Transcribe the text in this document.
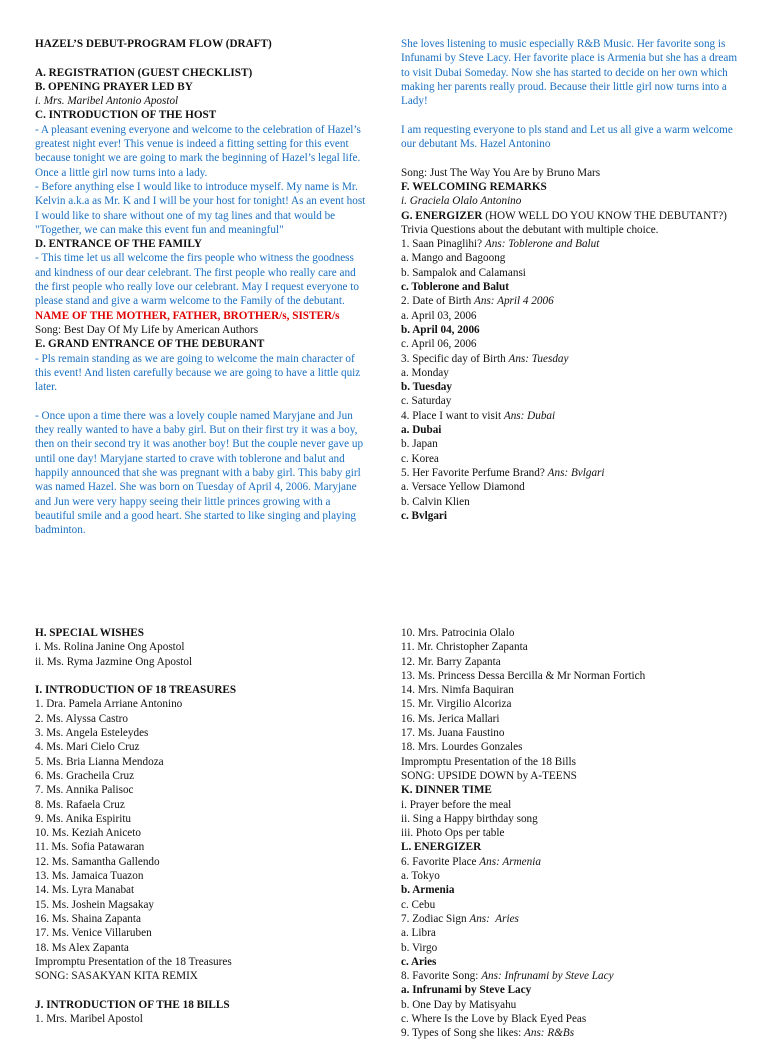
HAZEL’S DEBUT-PROGRAM FLOW (DRAFT)
A. REGISTRATION (GUEST CHECKLIST)
B. OPENING PRAYER LED BY
i. Mrs. Maribel Antonio Apostol
C. INTRODUCTION OF THE HOST
- A pleasant evening everyone and welcome to the celebration of Hazel’s greatest night ever! This venue is indeed a fitting setting for this event because tonight we are going to mark the beginning of Hazel’s legal life. Once a little girl now turns into a lady.
- Before anything else I would like to introduce myself. My name is Mr. Kelvin a.k.a as Mr. K and I will be your host for tonight! As an event host I would like to share without one of my tag lines and that would be "Together, we can make this event fun and meaningful"
D. ENTRANCE OF THE FAMILY
- This time let us all welcome the firs people who witness the goodness and kindness of our dear celebrant. The first people who really care and the first people who really love our celebrant. May I request everyone to please stand and give a warm welcome to the Family of the debutant.
NAME OF THE MOTHER, FATHER, BROTHER/s, SISTER/s
Song: Best Day Of My Life by American Authors
E. GRAND ENTRANCE OF THE DEBURANT
- Pls remain standing as we are going to welcome the main character of this event! And listen carefully because we are going to have a little quiz later.
- Once upon a time there was a lovely couple named Maryjane and Jun they really wanted to have a baby girl. But on their first try it was a boy, then on their second try it was another boy! But the couple never gave up until one day! Maryjane started to crave with toblerone and balut and happily announced that she was pregnant with a baby girl. This baby girl was named Hazel. She was born on Tuesday of April 4, 2006. Maryjane and Jun were very happy seeing their little princes growing with a beautiful smile and a good heart. She started to like singing and playing badminton.
She loves listening to music especially R&B Music. Her favorite song is Infunami by Steve Lacy. Her favorite place is Armenia but she has a dream to visit Dubai Someday. Now she has started to decide on her own which making her parents really proud. Because their little girl now turns into a Lady!
I am requesting everyone to pls stand and Let us all give a warm welcome our debutant Ms. Hazel Antonino
Song: Just The Way You Are by Bruno Mars
F. WELCOMING REMARKS
i. Graciela Olalo Antonino
G. ENERGIZER (HOW WELL DO YOU KNOW THE DEBUTANT?) Trivia Questions about the debutant with multiple choice.
1. Saan Pinaglihi? Ans: Toblerone and Balut
a. Mango and Bagoong
b. Sampalok and Calamansi
c. Toblerone and Balut
2. Date of Birth Ans: April 4 2006
a. April 03, 2006
b. April 04, 2006
c. April 06, 2006
3. Specific day of Birth Ans: Tuesday
a. Monday
b. Tuesday
c. Saturday
4. Place I want to visit Ans: Dubai
a. Dubai
b. Japan
c. Korea
5. Her Favorite Perfume Brand? Ans: Bvlgari
a. Versace Yellow Diamond
b. Calvin Klien
c. Bvlgari
H. SPECIAL WISHES
i. Ms. Rolina Janine Ong Apostol
ii. Ms. Ryma Jazmine Ong Apostol
I. INTRODUCTION OF 18 TREASURES
1. Dra. Pamela Arriane Antonino
2. Ms. Alyssa Castro
3. Ms. Angela Esteleydes
4. Ms. Mari Cielo Cruz
5. Ms. Bria Lianna Mendoza
6. Ms. Gracheila Cruz
7. Ms. Annika Palisoc
8. Ms. Rafaela Cruz
9. Ms. Anika Espiritu
10. Ms. Keziah Aniceto
11. Ms. Sofia Patawaran
12. Ms. Samantha Gallendo
13. Ms. Jamaica Tuazon
14. Ms. Lyra Manabat
15. Ms. Joshein Magsakay
16. Ms. Shaina Zapanta
17. Ms. Venice Villaruben
18. Ms Alex Zapanta
Impromptu Presentation of the 18 Treasures
SONG: SASAKYAN KITA REMIX
J. INTRODUCTION OF THE 18 BILLS
1. Mrs. Maribel Apostol
10. Mrs. Patrocinia Olalo
11. Mr. Christopher Zapanta
12. Mr. Barry Zapanta
13. Ms. Princess Dessa Bercilla & Mr Norman Fortich
14. Mrs. Nimfa Baquiran
15. Mr. Virgilio Alcoriza
16. Ms. Jerica Mallari
17. Ms. Juana Faustino
18. Mrs. Lourdes Gonzales
Impromptu Presentation of the 18 Bills
SONG: UPSIDE DOWN by A-TEENS
K. DINNER TIME
i. Prayer before the meal
ii. Sing a Happy birthday song
iii. Photo Ops per table
L. ENERGIZER
6. Favorite Place Ans: Armenia
a. Tokyo
b. Armenia
c. Cebu
7. Zodiac Sign Ans:  Aries
a. Libra
b. Virgo
c. Aries
8. Favorite Song: Ans: Infrunami by Steve Lacy
a. Infrunami by Steve Lacy
b. One Day by Matisyahu
c. Where Is the Love by Black Eyed Peas
9. Types of Song she likes: Ans: R&Bs
